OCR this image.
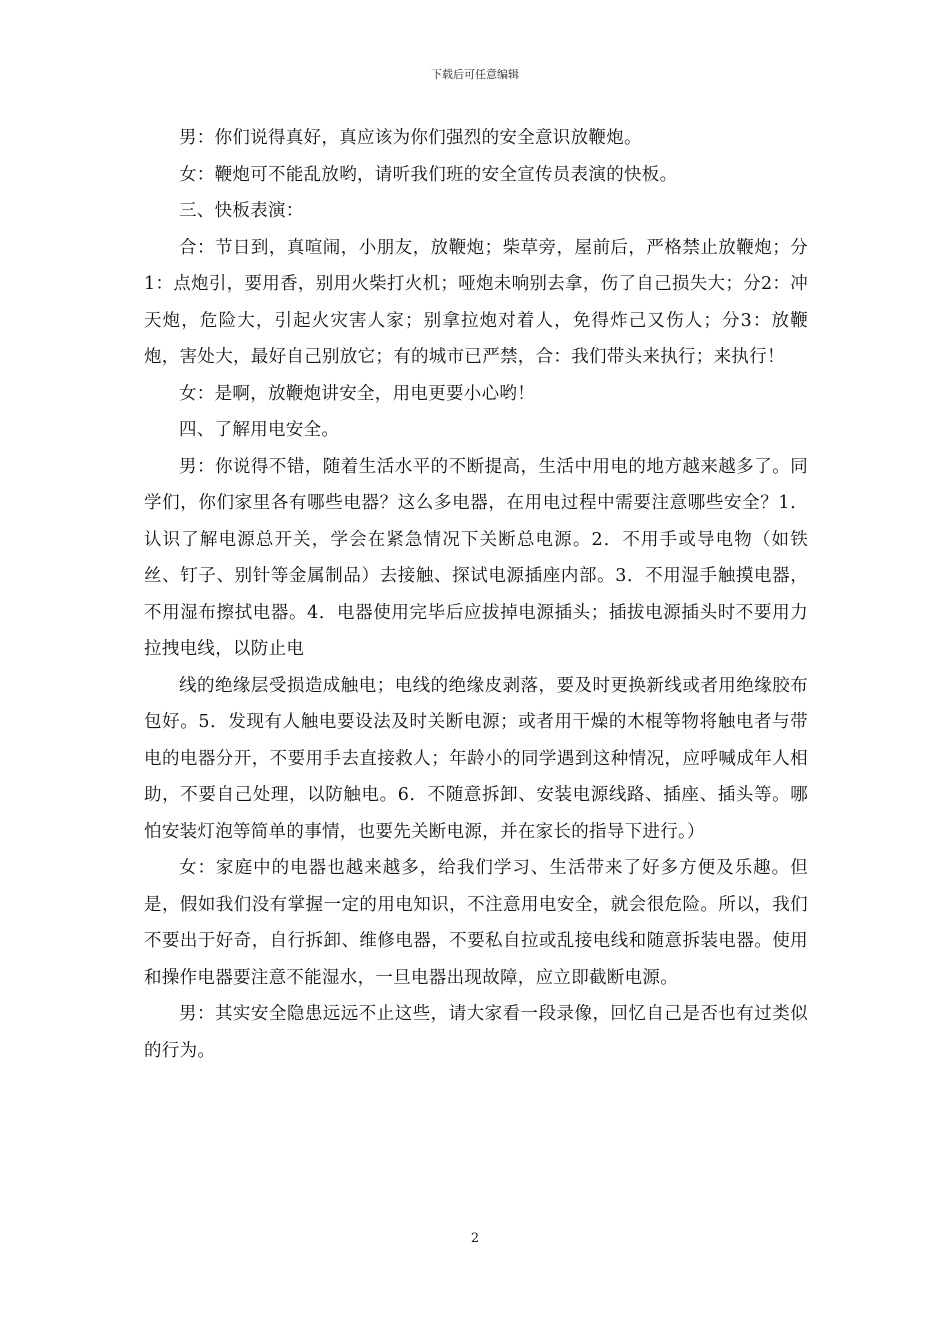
下载后可任意编辑

男：你们说得真好，真应该为你们强烈的安全意识放鞭炮。

女：鞭炮可不能乱放哟，请听我们班的安全宣传员表演的快板。

三、快板表演：

合：节日到，真喧闹，小朋友，放鞭炮；柴草旁，屋前后，严格禁止放鞭炮；分1：点炮引，要用香，别用火柴打火机；哑炮未响别去拿，伤了自己损失大；分2：冲天炮，危险大，引起火灾害人家；别拿拉炮对着人，免得炸己又伤人；分3：放鞭炮，害处大，最好自己别放它；有的城市已严禁，合：我们带头来执行；来执行！

女：是啊，放鞭炮讲安全，用电更要小心哟！

四、了解用电安全。

男：你说得不错，随着生活水平的不断提高，生活中用电的地方越来越多了。同学们，你们家里各有哪些电器？这么多电器，在用电过程中需要注意哪些安全？1．认识了解电源总开关，学会在紧急情况下关断总电源。2．不用手或导电物（如铁丝、钉子、别针等金属制品）去接触、探试电源插座内部。3．不用湿手触摸电器，不用湿布擦拭电器。4．电器使用完毕后应拔掉电源插头；插拔电源插头时不要用力拉拽电线，以防止电

线的绝缘层受损造成触电；电线的绝缘皮剥落，要及时更换新线或者用绝缘胶布包好。5．发现有人触电要设法及时关断电源；或者用干燥的木棍等物将触电者与带电的电器分开，不要用手去直接救人；年龄小的同学遇到这种情况，应呼喊成年人相助，不要自己处理，以防触电。6．不随意拆卸、安装电源线路、插座、插头等。哪怕安装灯泡等简单的事情，也要先关断电源，并在家长的指导下进行。）

女：家庭中的电器也越来越多，给我们学习、生活带来了好多方便及乐趣。但是，假如我们没有掌握一定的用电知识，不注意用电安全，就会很危险。所以，我们不要出于好奇，自行拆卸、维修电器，不要私自拉或乱接电线和随意拆装电器。使用和操作电器要注意不能湿水，一旦电器出现故障，应立即截断电源。

男：其实安全隐患远远不止这些，请大家看一段录像，回忆自己是否也有过类似的行为。

2
